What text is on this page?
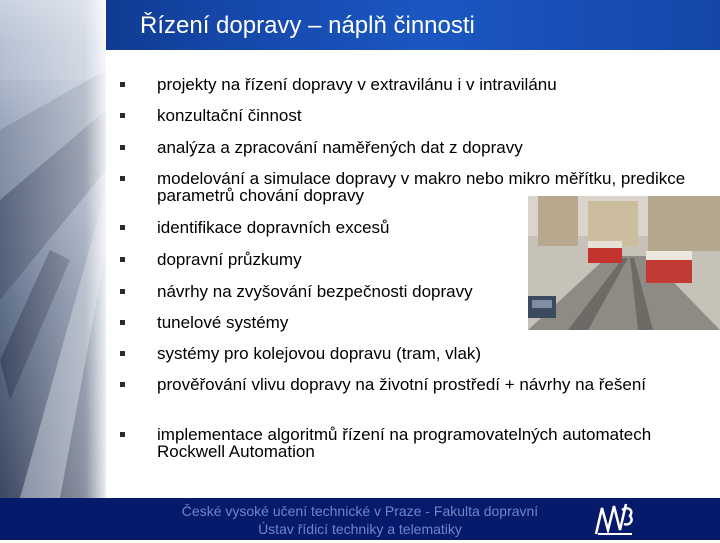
Řízení dopravy – náplň činnosti
projekty na řízení dopravy v extravilánu i v intravilánu
konzultační činnost
analýza a zpracování naměřených dat z dopravy
modelování a simulace dopravy v makro nebo mikro měřítku, predikce parametrů chování dopravy
identifikace dopravních excesů
dopravní průzkumy
návrhy na zvyšování bezpečnosti dopravy
tunelové systémy
systémy pro kolejovou dopravu (tram, vlak)
prověřování vlivu dopravy na životní prostředí + návrhy na řešení
implementace algoritmů řízení na programovatelných automatech Rockwell Automation
České vysoké učení technické v Praze - Fakultа dopravní
Ústav řídicí techniky a telematiky
